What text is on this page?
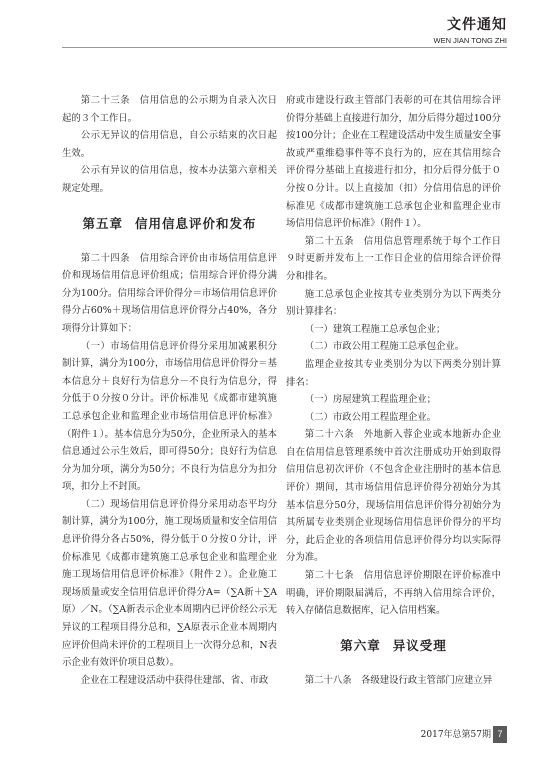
文件通知
WEN JIAN TONG ZHI

第二十三条　信用信息的公示期为自录入次日起的３个工作日。

公示无异议的信用信息，自公示结束的次日起生效。

公示有异议的信用信息，按本办法第六章相关规定处理。

第五章 信用信息评价和发布

第二十四条　信用综合评价由市场信用信息评价和现场信用信息评价组成；信用综合评价得分满分为100分。信用综合评价得分＝市场信用信息评价得分占60%＋现场信用信息评价得分占40%，各分项得分计算如下：

（一）市场信用信息评价得分采用加减累积分制计算，满分为100分，市场信用信息评价得分＝基本信息分＋良好行为信息分－不良行为信息分，得分低于０分按０分计。评价标准见《成都市建筑施工总承包企业和监理企业市场信用信息评价标准》（附件１）。基本信息分为50分，企业所录入的基本信息通过公示生效后，即可得50分；良好行为信息分为加分项，满分为50分；不良行为信息分为扣分项，扣分上不封顶。

（二）现场信用信息评价得分采用动态平均分制计算，满分为100分，施工现场质量和安全信用信息评价得分各占50%，得分低于０分按０分计，评价标准见《成都市建筑施工总承包企业和监理企业施工现场信用信息评价标准》（附件２）。企业施工现场质量或安全信用信息评价得分A=（∑A新＋∑A原）／N。（∑A新表示企业本周期内已评价经公示无异议的工程项目得分总和，∑A原表示企业本周期内应评价但尚未评价的工程项目上一次得分总和，N表示企业有效评价项目总数）。

企业在工程建设活动中获得住建部、省、市政

府或市建设行政主管部门表彰的可在其信用综合评价得分基础上直接进行加分，加分后得分超过100分按100分计；企业在工程建设活动中发生质量安全事故或严重维稳事件等不良行为的，应在其信用综合评价得分基础上直接进行扣分，扣分后得分低于０分按０分计。以上直接加（扣）分信用信息的评价标准见《成都市建筑施工总承包企业和监理企业市场信用信息评价标准》（附件１）。

第二十五条　信用信息管理系统于每个工作日９时更新并发布上一工作日企业的信用综合评价得分和排名。

施工总承包企业按其专业类别分为以下两类分别计算排名：

（一）建筑工程施工总承包企业；

（二）市政公用工程施工总承包企业。

监理企业按其专业类别分为以下两类分别计算排名：

（一）房屋建筑工程监理企业；

（二）市政公用工程监理企业。

第二十六条　外地新入蓉企业或本地新办企业自在信用信息管理系统中首次注册成功开始到取得信用信息初次评价（不包含企业注册时的基本信息评价）期间，其市场信用信息评价得分初始分为其基本信息分50分，现场信用信息评价得分初始分为其所属专业类别企业现场信用信息评价得分的平均分，此后企业的各项信用信息评价得分均以实际得分为准。

第二十七条　信用信息评价期限在评价标准中明确，评价期限届满后，不再纳入信用综合评价，转入存储信息数据库，记入信用档案。

第六章 异议受理

第二十八条　各级建设行政主管部门应建立异

2017年总第57期 7
